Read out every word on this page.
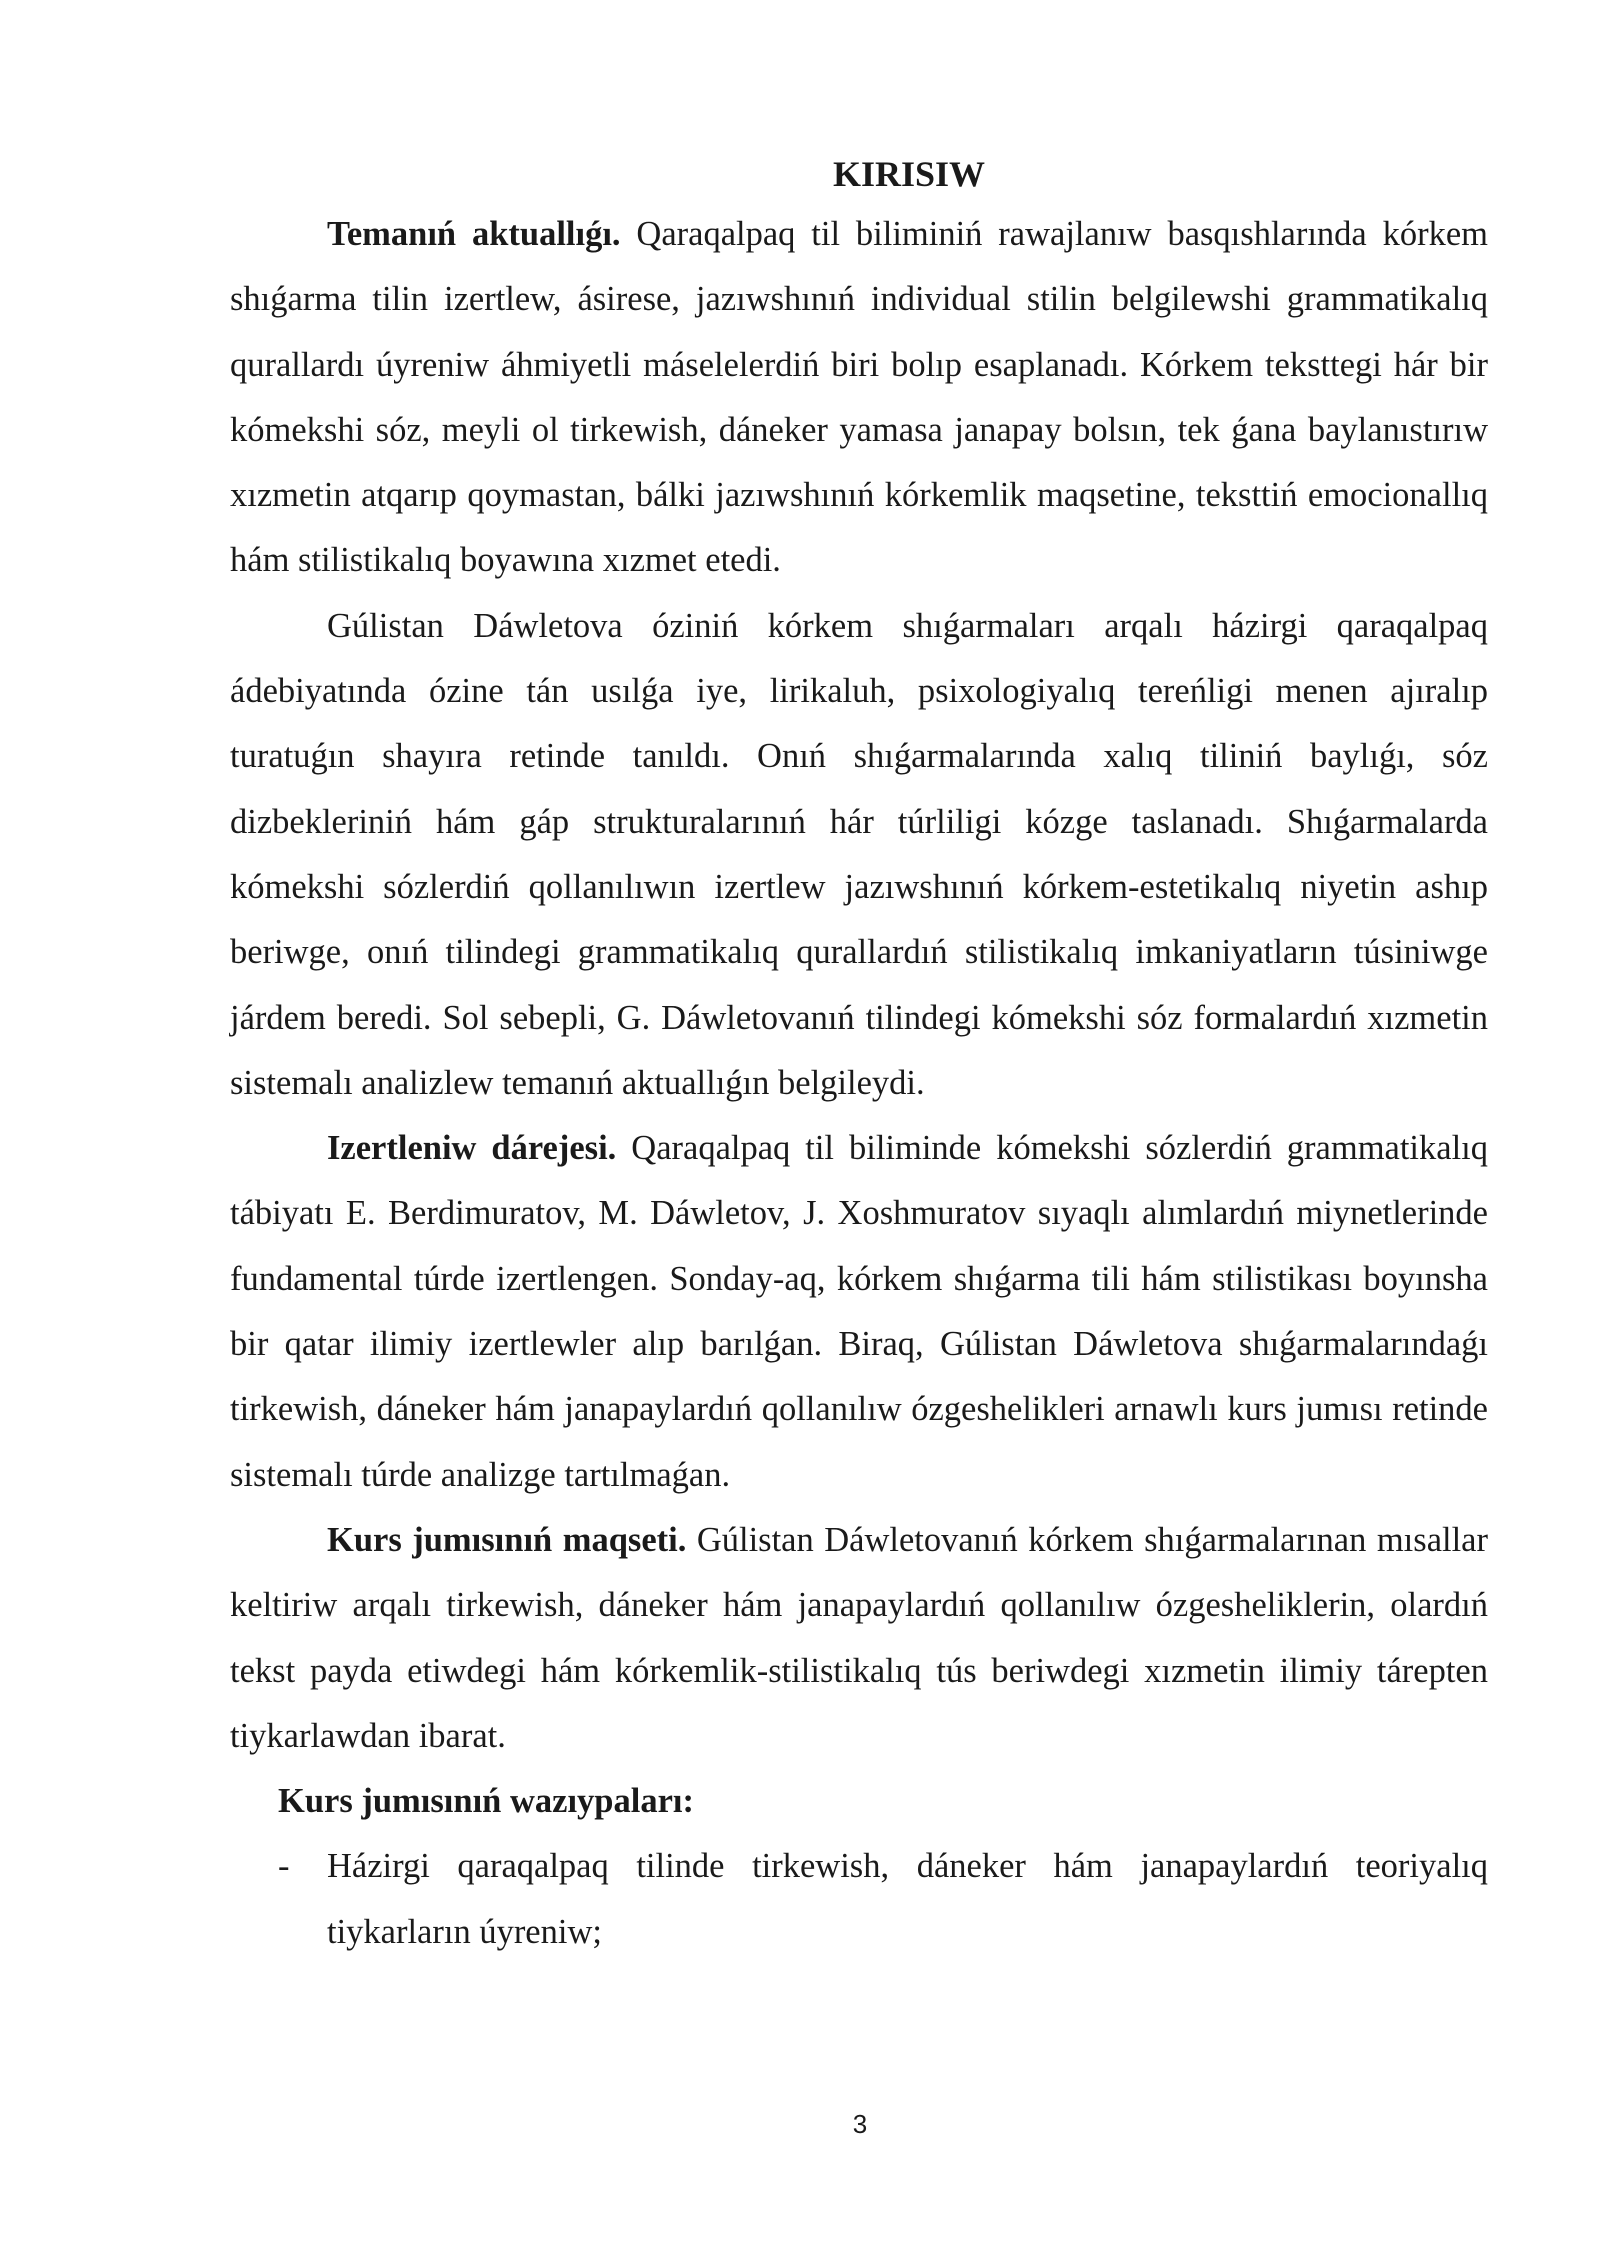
KIRISIW

Temanıń aktuallıǵı. Qaraqalpaq til biliminiń rawajlanıw basqıshlarında kórkem shıǵarma tilin izertlew, ásirese, jazıwshınıń individual stilin belgilewshi grammatikalıq qurallardı úyreniw áhmiyetli máselelerdiń biri bolıp esaplanadı. Kórkem teksttegi hár bir kómekshi sóz, meyli ol tirkewish, dáneker yamasa janapay bolsın, tek ǵana baylanıstırıw xızmetin atqarıp qoymastan, bálki jazıwshınıń kórkemlik maqsetine, teksttiń emocionallıq hám stilistikalıq boyawına xızmet etedi.

Gúlistan Dáwletova óziniń kórkem shıǵarmaları arqalı házirgi qaraqalpaq ádebiyatında ózine tán usılǵa iye, lirikaluh, psixologiyalıq tereńligi menen ajıralıp turatuǵın shayıra retinde tanıldı. Onıń shıǵarmalarında xalıq tiliniń baylıǵı, sóz dizbekleriniń hám gáp strukturalarınıń hár túrliligi kózge taslanadı. Shıǵarmalarda kómekshi sózlerdiń qollanılıwın izertlew jazıwshınıń kórkem-estetikalıq niyetin ashıp beriwge, onıń tilindegi grammatikalıq qurallardıń stilistikalıq imkaniyatların túsiniwge járdem beredi. Sol sebepli, G. Dáwletovanıń tilindegi kómekshi sóz formalardıń xızmetin sistemalı analizlew temanıń aktuallıǵın belgileydi.

Izertleniw dárejesi. Qaraqalpaq til biliminde kómekshi sózlerdiń grammatikalıq tábiyatı E. Berdimuratov, M. Dáwletov, J. Xoshmuratov sıyaqlı alımlardıń miynetlerinde fundamental túrde izertlengen. Sonday-aq, kórkem shıǵarma tili hám stilistikası boyınsha bir qatar ilimiy izertlewler alıp barılǵan. Biraq, Gúlistan Dáwletova shıǵarmalarındaǵı tirkewish, dáneker hám janapaylardıń qollanılıw ózgeshelikleri arnawlı kurs jumısı retinde sistemalı túrde analizge tartılmaǵan.

Kurs jumısınıń maqseti. Gúlistan Dáwletovanıń kórkem shıǵarmalarınan mısallar keltiriw arqalı tirkewish, dáneker hám janapaylardıń qollanılıw ózgesheliklerin, olardıń tekst payda etiwdegi hám kórkemlik-stilistikalıq tús beriwdegi xızmetin ilimiy tárepten tiykarlawdan ibarat.

Kurs jumısınıń wazıypaları:

- Házirgi qaraqalpaq tilinde tirkewish, dáneker hám janapaylardıń teoriyalıq tiykarların úyreniw;
3
